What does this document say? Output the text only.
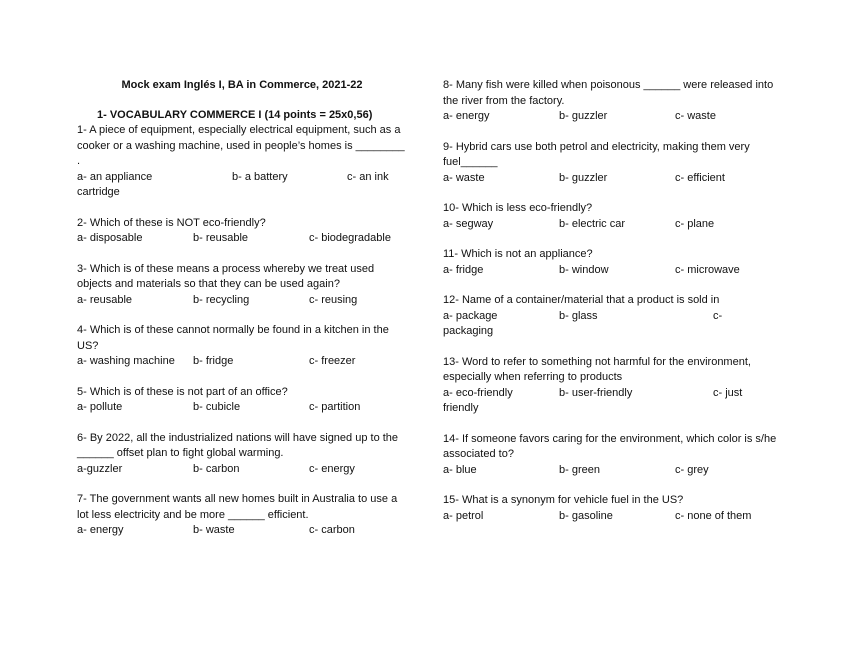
Mock exam Inglés I, BA in Commerce, 2021-22
1- VOCABULARY COMMERCE I (14 points = 25x0,56)

1- A piece of equipment, especially electrical equipment, such as a cooker or a washing machine, used in people’s homes is ________ .

a- an appliance	b- a battery	c- an ink

cartridge

2- Which of these is NOT eco-friendly?

a- disposable	b- reusable	c- biodegradable

3- Which is of these means a process whereby we treat used objects and materials so that they can be used again?

a- reusable	b- recycling	c- reusing

4- Which is of these cannot normally be found in a kitchen in the US?

a- washing machine b- fridge	c- freezer

5- Which is of these is not part of an office?

a- pollute	b- cubicle	c- partition

6- By 2022, all the industrialized nations will have signed up to the ______ offset plan to fight global warming.

a-guzzler	b- carbon	c- energy

7- The government wants all new homes built in Australia to use a lot less electricity and be more ______ efficient.

a- energy	b- waste	c- carbon

8- Many fish were killed when poisonous ______ were released into the river from the factory.

a- energy	b- guzzler	c- waste

9- Hybrid cars use both petrol and electricity, making them very fuel______

a- waste	b- guzzler	c- efficient

10- Which is less eco-friendly?

a- segway	b- electric car	c- plane

11- Which is not an appliance?

a- fridge	b- window	c- microwave

12- Name of a container/material that a product is sold in

a- package	b- glass	c-

packaging

13- Word to refer to something not harmful for the environment, especially when referring to products

a- eco-friendly	b- user-friendly	c- just

friendly

14- If someone favors caring for the environment, which color is s/he associated to?

a- blue	b- green	c- grey

15- What is a synonym for vehicle fuel in the US?

a- petrol	b- gasoline	c- none of them
